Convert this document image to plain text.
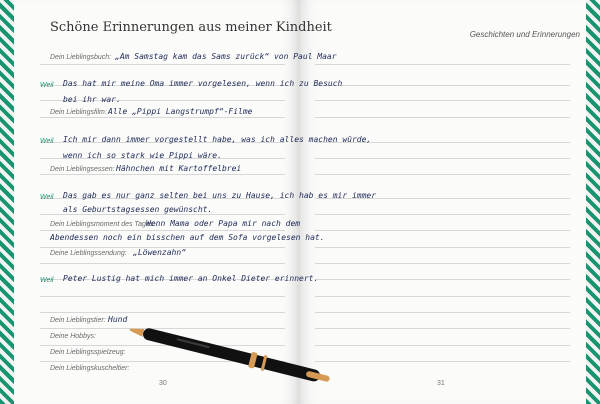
Schöne Erinnerungen aus meiner Kindheit	Geschichten und Erinnerungen
Dein Lieblingsbuch: „Am Samstag kam das Sams zurück“ von Paul Maar
Weil Das hat mir meine Oma immer vorgelesen, wenn ich zu Besuch
bei ihr war.
Dein Lieblingsfilm: Alle „Pippi Langstrumpf“-Filme
Weil Ich mir dann immer vorgestellt habe, was ich alles machen würde,
wenn ich so stark wie Pippi wäre.
Dein Lieblingsessen: Hähnchen mit Kartoffelbrei
Weil Das gab es nur ganz selten bei uns zu Hause, ich hab es mir immer
als Geburtstagsessen gewünscht.
Dein Lieblingsmoment des Tages:
Wenn Mama oder Papa mir nach dem
Abendessen noch ein bisschen auf dem Sofa vorgelesen hat.
Deine Lieblingssendung: „Löwenzahn“
Weil Peter Lustig hat mich immer an Onkel Dieter erinnert.
Dein Lieblingstier: Hund
Deine Hobbys:
Dein Lieblingsspielzeug:
Dein Lieblingskuscheltier:
30	31
